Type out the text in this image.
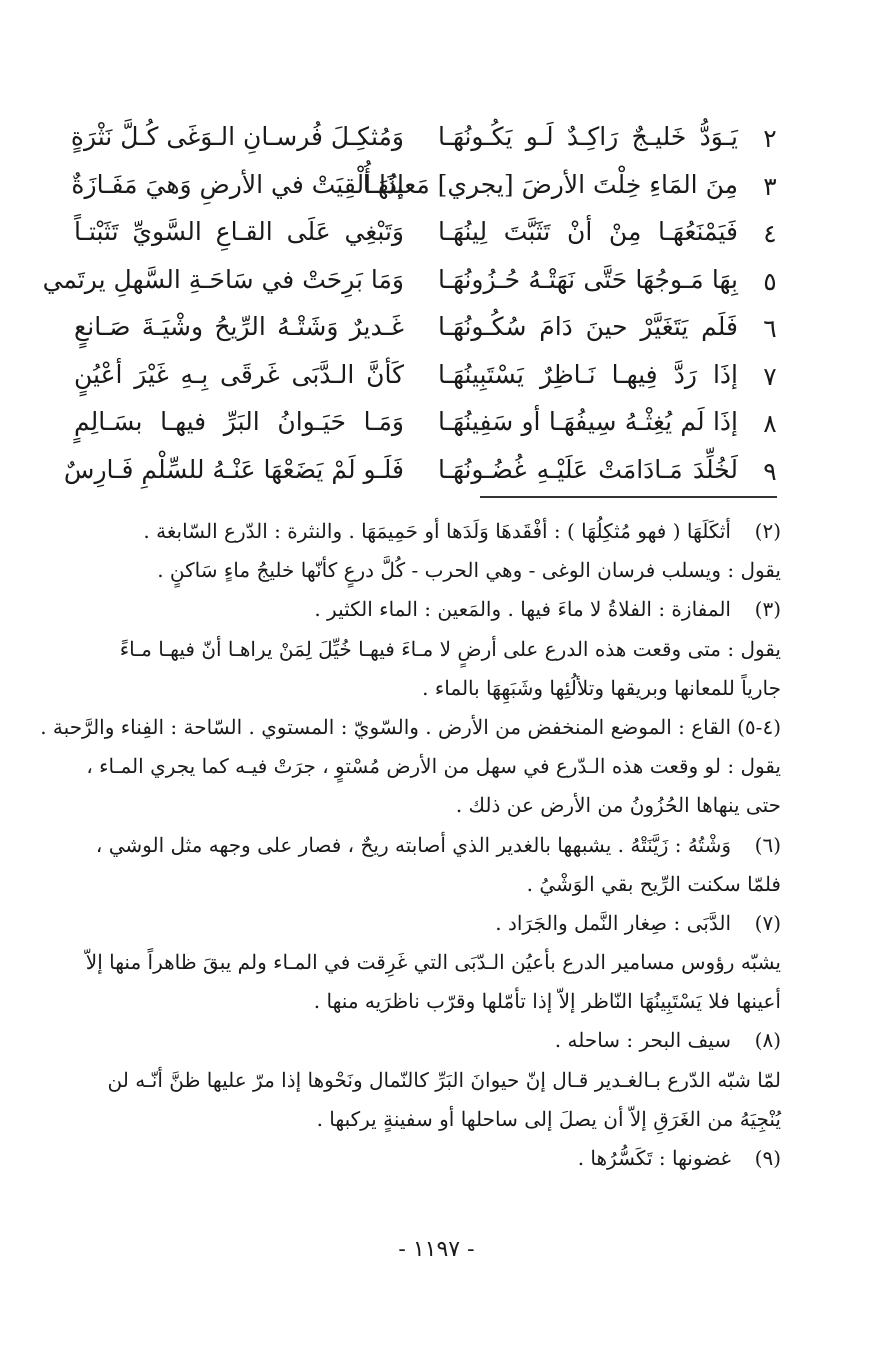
٢
وَمُثكِـلَ فُرسـانِ الـوَغَى كُـلَّ نَثْرَةٍ يَـوَدُّ خَليـجٌ رَاكِـدٌ لَـو يَكُـونُهَـا
٣
إذَا أُلْقِيَتْ في الأرضِ وَهيَ مَفَـازَةٌ
مِنَ المَاءِ خِلْتَ الأرضَ [يجري] مَعينُهَـا
٤
وَتَبْغِي عَلَى القـاعِ السَّويِّ تَثَبْتـاً فَيَمْنَعُهَـا مِنْ أنْ تَثَبَّتَ لِينُهَـا
٥
وَمَا بَرِحَتْ في سَاحَـةِ السَّهلِ يرتَمي بِهَا مَـوجُهَا حَتَّى نَهَتْـهُ حُـزُونُهَـا
٦
غَـديرٌ وَشَتْـهُ الرِّيحُ وشْيَـةَ صَـانعٍ فَلَم يَتَغَيَّرْ حينَ دَامَ سُكُـونُهَـا
٧
كَأنَّ الـدَّبَى غَرقَى بِـهِ غَيْرَ أعْيُنٍ إذَا رَدَّ فِيهـا نَـاظِرٌ يَسْتَبِينُهَـا
٨
وَمَـا حَيَـوانُ البَرِّ فيهـا بسَـالِمٍ إذَا لَم يُغِثْـهُ سِيفُهَـا أو سَفِينُهَـا
٩
فَلَـو لَمْ يَضَعْهَا عَنْـهُ للسِّلْمِ فَـارِسٌ لَخُلِّدَ مَـادَامَتْ عَلَيْـهِ غُضُـونُهَـا
(٢)
أثكَلَهَا ( فهو مُثكِلُهَا ) : أفْقَدهَا وَلَدَها أو حَمِيمَهَا . والنثرة : الدّرع السّابغة .
يقول : ويسلب فرسان الوغى - وهي الحرب - كُلَّ درعٍ كأنّها خليجُ ماءٍ سَاكنٍ .
(٣)
المفازة : الفلاةُ لا ماءَ فيها . والمَعين : الماء الكثير .
يقول : متى وقعت هذه الدرع على أرضٍ لا مـاءَ فيهـا خُيِّلَ لِمَنْ يراهـا أنّ فيهـا مـاءً
جارياً للمعانها وبريقها وتلألُئِها وشَبَهِهَا بالماء .
(٤-٥)
القاع : الموضع المنخفض من الأرض . والسّويّ : المستوي . السّاحة : الفِناء والرَّحبة .
يقول : لو وقعت هذه الـدّرع في سهل من الأرض مُسْتوٍ ، جرَتْ فيـه كما يجري المـاء ،
حتى ينهاها الحُزُونُ من الأرض عن ذلك .
(٦)
وَشْتُهُ : زَيَّنَتْهُ . يشبهها بالغدير الذي أصابته ريحٌ ، فصار على وجهه مثل الوشي ،
فلمّا سكنت الرِّيح بقي الوَشْيُ .
(٧)
الدَّبَى : صِغار النَّمل والجَرَاد .
يشبّه رؤوس مسامير الدرع بأعيُن الـدّبَى التي غَرِقت في المـاء ولم يبقَ ظاهراً منها إلاّ
أعينها فلا يَسْتَبِينُهَا النّاظر إلاّ إذا تأمّلها وقرّب ناظرَيه منها .
(٨)
سيف البحر : ساحله .
لمّا شبّه الدّرع بـالغـدير قـال إنّ حيوانَ البَرِّ كالنّمال ونَحْوها إذا مرّ عليها ظنَّ أنّـه لن
يُنْجِيَهُ من الغَرَقِ إلاّ أن يصلَ إلى ساحلها أو سفينةٍ يركبها .
(٩)
غضونها : تَكَسُّرُها .
- ١١٩٧ -
